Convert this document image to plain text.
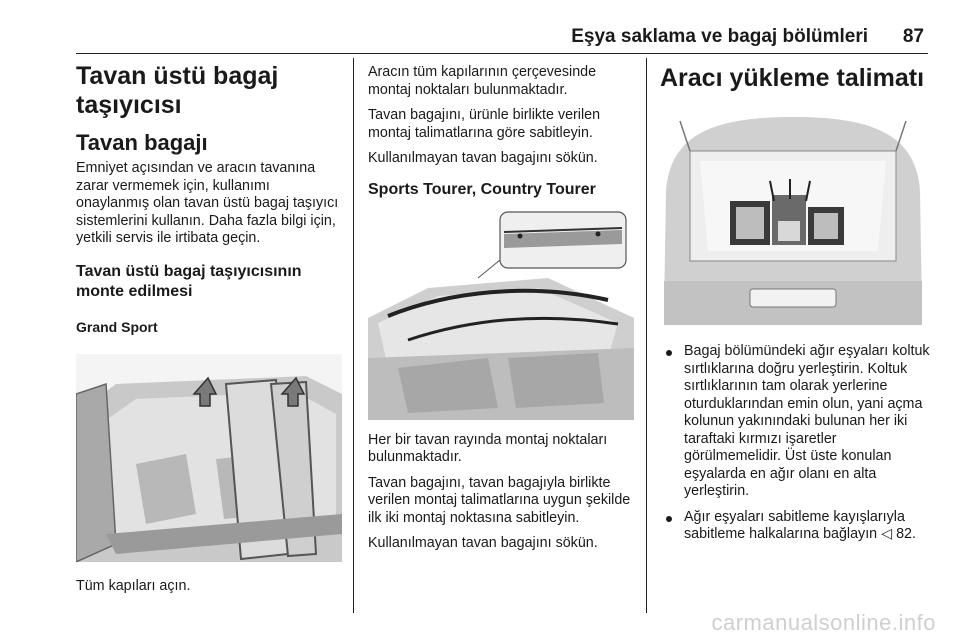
Eşya saklama ve bagaj bölümleri 87
Tavan üstü bagaj taşıyıcısı
Tavan bagajı

Emniyet açısından ve aracın tavanına zarar vermemek için, kullanımı onaylanmış olan tavan üstü bagaj taşıyıcı sistemlerini kullanın. Daha fazla bilgi için, yetkili servis ile irtibata geçin.

Tavan üstü bagaj taşıyıcısının monte edilmesi
Grand Sport

Tüm kapıları açın.

Aracın tüm kapılarının çerçevesinde montaj noktaları bulunmaktadır.

Tavan bagajını, ürünle birlikte verilen montaj talimatlarına göre sabitleyin.

Kullanılmayan tavan bagajını sökün.

Sports Tourer, Country Tourer

Her bir tavan rayında montaj noktaları bulunmaktadır.

Tavan bagajını, tavan bagajıyla birlikte verilen montaj talimatlarına uygun şekilde ilk iki montaj noktasına sabitleyin.

Kullanılmayan tavan bagajını sökün.

Aracı yükleme talimatı
Bagaj bölümündeki ağır eşyaları koltuk sırtlıklarına doğru yerleştirin. Koltuk sırtlıklarının tam olarak yerlerine oturduklarından emin olun, yani açma kolunun yakınındaki bulunan her iki taraftaki kırmızı işaretler görülmemelidir. Üst üste konulan eşyalarda en ağır olanı en alta yerleştirin.
Ağır eşyaları sabitleme kayışlarıyla sabitleme halkalarına bağlayın ◁ 82.
carmanualsonline.info
